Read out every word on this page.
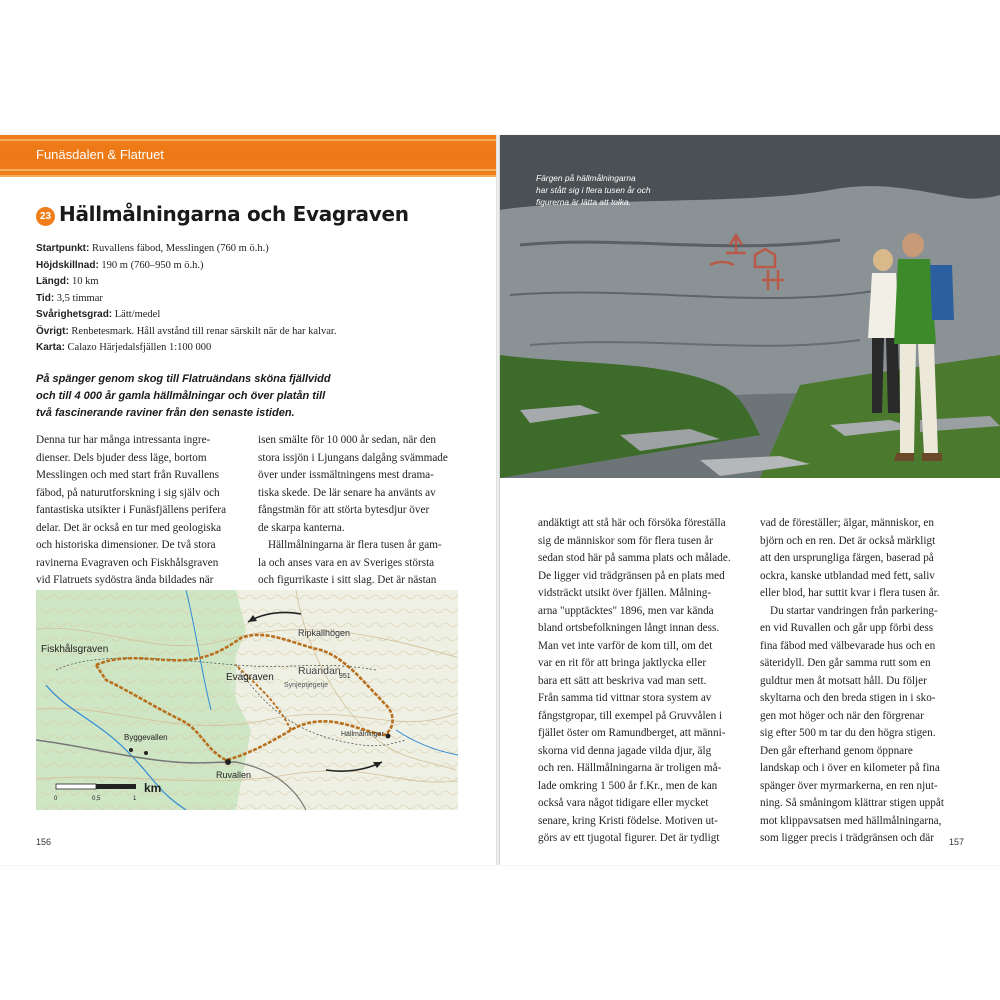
Funäsdalen & Flatruet
23 Hällmålningarna och Evagraven
Startpunkt: Ruvallens fäbod, Messlingen (760 m ö.h.)
Höjdskillnad: 190 m (760–950 m ö.h.)
Längd: 10 km
Tid: 3,5 timmar
Svårighetsgrad: Lätt/medel
Övrigt: Renbetesmark. Håll avstånd till renar särskilt när de har kalvar.
Karta: Calazo Härjedalsfjällen 1:100 000
På spänger genom skog till Flatruändans sköna fjällvidd
och till 4 000 år gamla hällmålningar och över platån till
två fascinerande raviner från den senaste istiden.

Denna tur har många intressanta ingre-

dienser. Dels bjuder dess läge, bortom

Messlingen och med start från Ruvallens

fäbod, på naturutforskning i sig själv och

fantastiska utsikter i Funäsfjällens perifera

delar. Det är också en tur med geologiska

och historiska dimensioner. De två stora

ravinerna Evagraven och Fiskhålsgraven

vid Flatruets sydöstra ända bildades när

isen smälte för 10 000 år sedan, när den

stora issjön i Ljungans dalgång svämmade

över under issmältningens mest drama-

tiska skede. De lär senare ha använts av

fångstmän för att störta bytesdjur över

de skarpa kanterna.

Hällmålningarna är flera tusen år gam-

la och anses vara en av Sveriges största

och figurrikaste i sitt slag. Det är nästan

Fiskhålsgraven
Evagraven
Ripkallhögen
Ruandan
951
Synjeptjegetje
Hällmålningar
Byggevallen
Ruvallen
0	0,5	1
km
156
Färgen på hällmålningarna
har stått sig i flera tusen år och
figurerna är lätta att tolka.

andäktigt att stå här och försöka föreställa

sig de människor som för flera tusen år

sedan stod här på samma plats och målade.

De ligger vid trädgränsen på en plats med

vidsträckt utsikt över fjällen. Målning-

arna "upptäcktes" 1896, men var kända

bland ortsbefolkningen långt innan dess.

Man vet inte varför de kom till, om det

var en rit för att bringa jaktlycka eller

bara ett sätt att beskriva vad man sett.

Från samma tid vittnar stora system av

fångstgropar, till exempel på Gruvvålen i

fjället öster om Ramundberget, att männi-

skorna vid denna jagade vilda djur, älg

och ren. Hällmålningarna är troligen må-

lade omkring 1 500 år f.Kr., men de kan

också vara något tidigare eller mycket

senare, kring Kristi födelse. Motiven ut-

görs av ett tjugotal figurer. Det är tydligt

vad de föreställer; älgar, människor, en

björn och en ren. Det är också märkligt

att den ursprungliga färgen, baserad på

ockra, kanske utblandad med fett, saliv

eller blod, har suttit kvar i flera tusen år.

Du startar vandringen från parkering-

en vid Ruvallen och går upp förbi dess

fina fäbod med välbevarade hus och en

säteridyll. Den går samma rutt som en

guldtur men åt motsatt håll. Du följer

skyltarna och den breda stigen in i sko-

gen mot höger och när den förgrenar

sig efter 500 m tar du den högra stigen.

Den går efterhand genom öppnare

landskap och i över en kilometer på fina

spänger över myrmarkerna, en ren njut-

ning. Så småningom klättrar stigen uppåt

mot klippavsatsen med hällmålningarna,

som ligger precis i trädgränsen och där	157
